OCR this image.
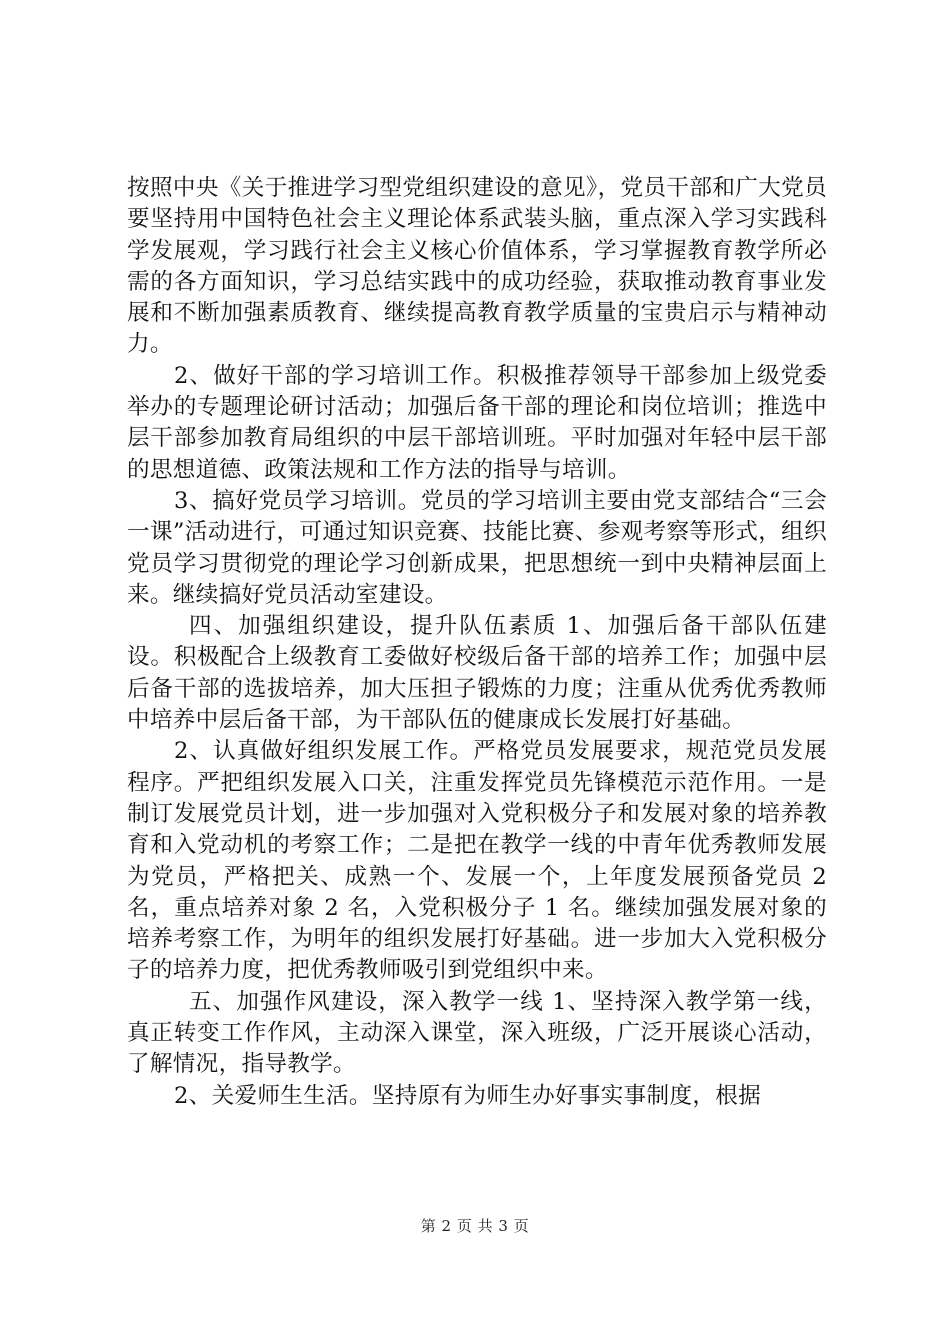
按照中央《关于推进学习型党组织建设的意见》，党员干部和广大党员要坚持用中国特色社会主义理论体系武装头脑，重点深入学习实践科学发展观，学习践行社会主义核心价值体系，学习掌握教育教学所必需的各方面知识，学习总结实践中的成功经验，获取推动教育事业发展和不断加强素质教育、继续提高教育教学质量的宝贵启示与精神动力。

2、做好干部的学习培训工作。积极推荐领导干部参加上级党委举办的专题理论研讨活动；加强后备干部的理论和岗位培训；推选中层干部参加教育局组织的中层干部培训班。平时加强对年轻中层干部的思想道德、政策法规和工作方法的指导与培训。

3、搞好党员学习培训。党员的学习培训主要由党支部结合“三会一课”活动进行，可通过知识竞赛、技能比赛、参观考察等形式，组织党员学习贯彻党的理论学习创新成果，把思想统一到中央精神层面上来。继续搞好党员活动室建设。

四、加强组织建设，提升队伍素质 1、加强后备干部队伍建设。积极配合上级教育工委做好校级后备干部的培养工作；加强中层后备干部的选拔培养，加大压担子锻炼的力度；注重从优秀优秀教师中培养中层后备干部，为干部队伍的健康成长发展打好基础。

2、认真做好组织发展工作。严格党员发展要求，规范党员发展程序。严把组织发展入口关，注重发挥党员先锋模范示范作用。一是制订发展党员计划，进一步加强对入党积极分子和发展对象的培养教育和入党动机的考察工作；二是把在教学一线的中青年优秀教师发展为党员，严格把关、成熟一个、发展一个，上年度发展预备党员 2 名，重点培养对象 2 名，入党积极分子 1 名。继续加强发展对象的培养考察工作，为明年的组织发展打好基础。进一步加大入党积极分子的培养力度，把优秀教师吸引到党组织中来。

五、加强作风建设，深入教学一线 1、坚持深入教学第一线，真正转变工作作风，主动深入课堂，深入班级，广泛开展谈心活动，了解情况，指导教学。

2、关爱师生生活。坚持原有为师生办好事实事制度，根据

第 2 页 共 3 页
